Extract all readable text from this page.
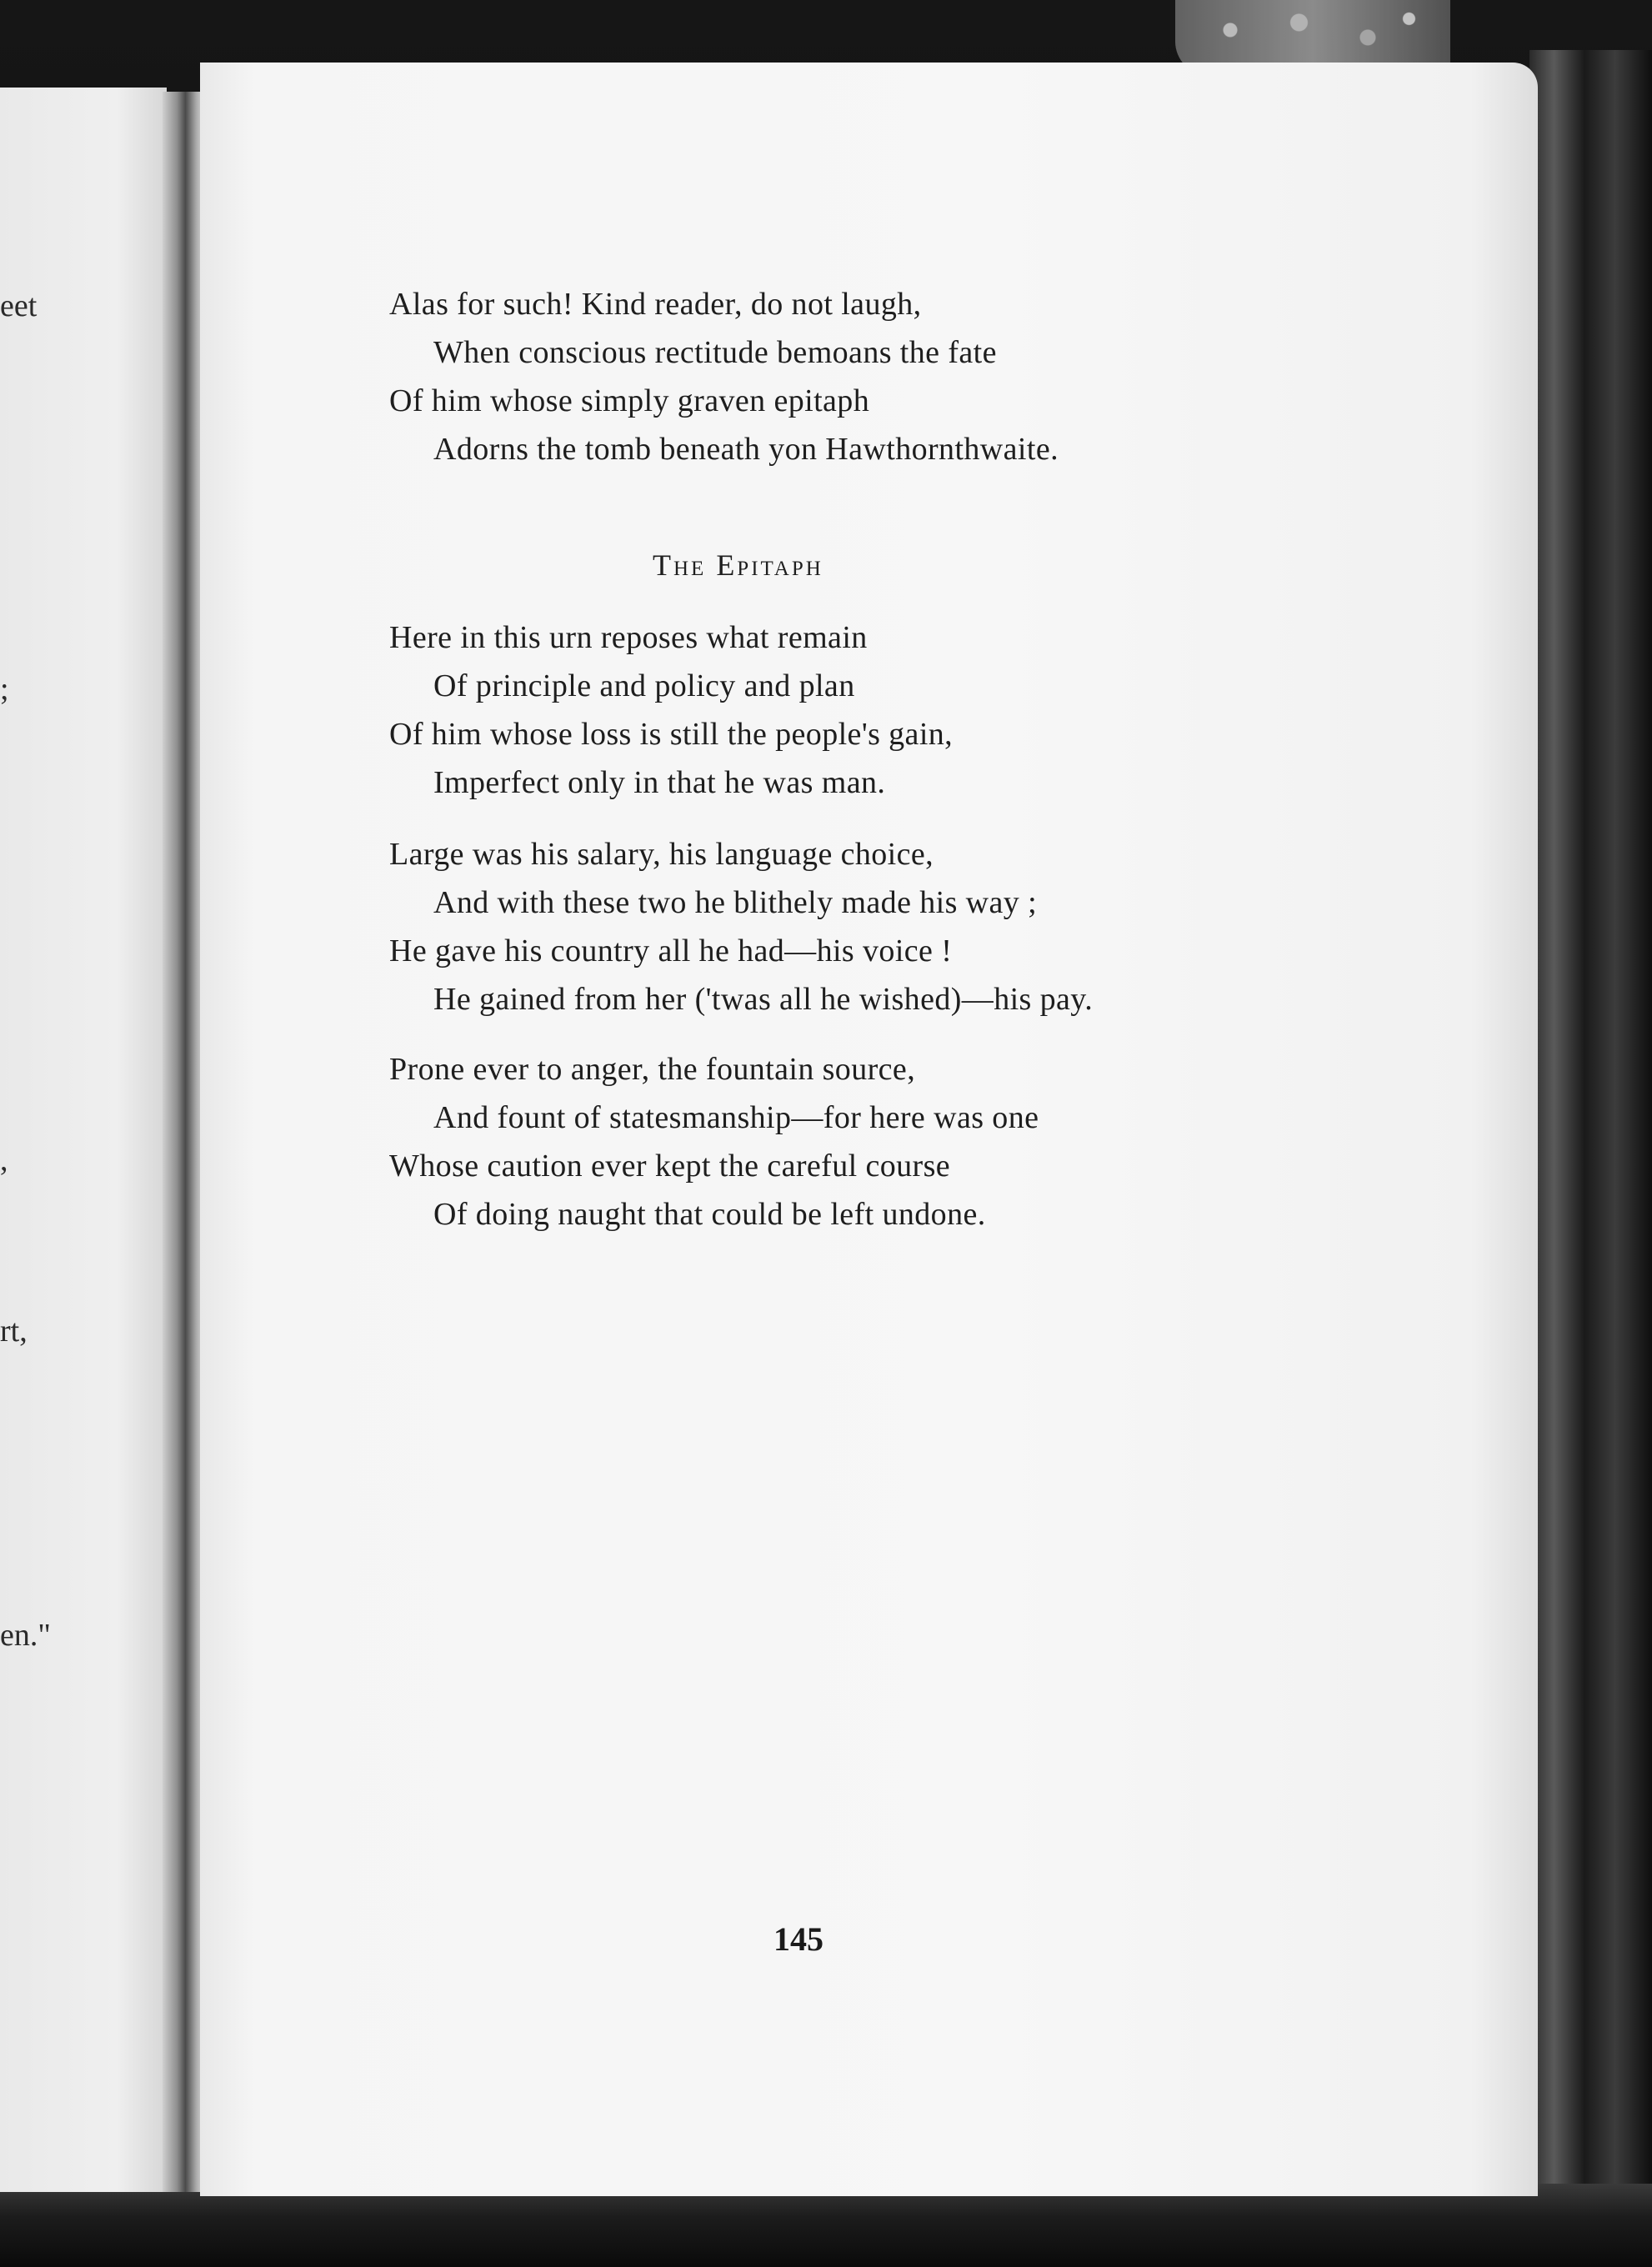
eet
;
,
rt,
en."
Alas for such! Kind reader, do not laugh,
When conscious rectitude bemoans the fate
Of him whose simply graven epitaph
Adorns the tomb beneath yon Hawthornthwaite.
The Epitaph
Here in this urn reposes what remain
Of principle and policy and plan
Of him whose loss is still the people's gain,
Imperfect only in that he was man.
Large was his salary, his language choice,
And with these two he blithely made his way ;
He gave his country all he had—his voice !
He gained from her ('twas all he wished)—his pay.
Prone ever to anger, the fountain source,
And fount of statesmanship—for here was one
Whose caution ever kept the careful course
Of doing naught that could be left undone.
145
